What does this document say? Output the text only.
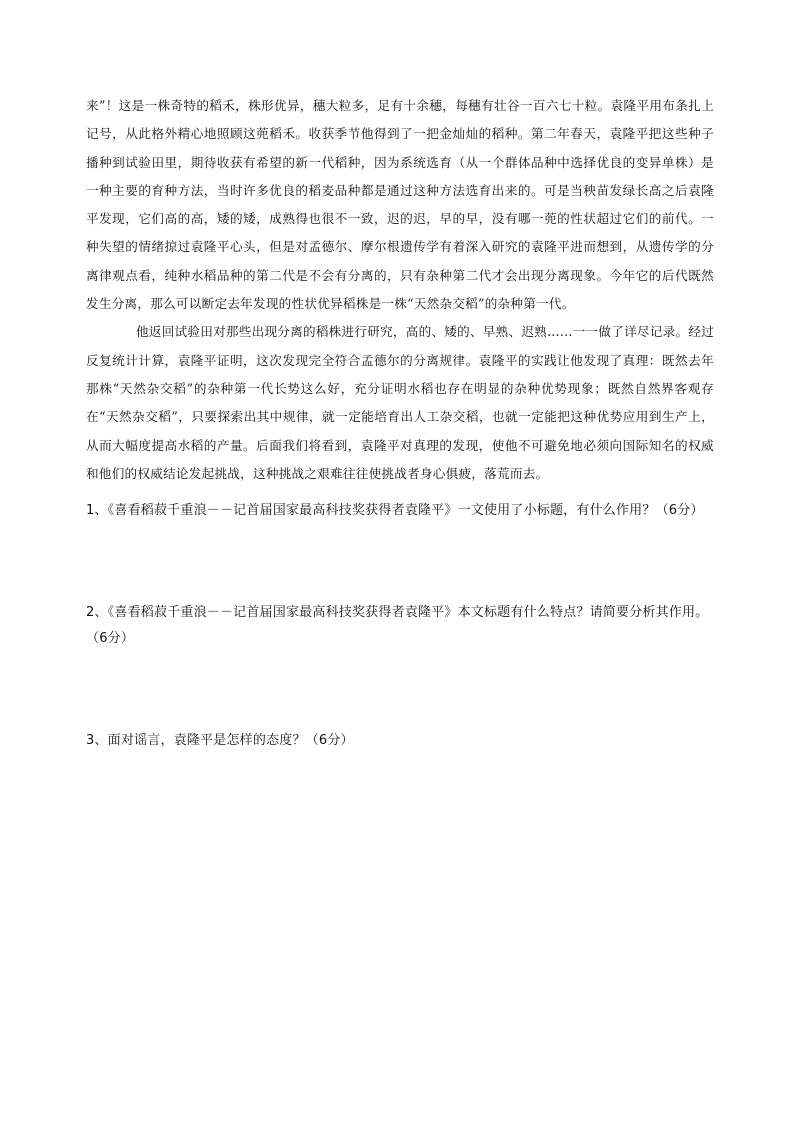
来”！这是一株奇特的稻禾，株形优异，穗大粒多，足有十余穗，每穗有壮谷一百六七十粒。袁隆平用布条扎上记号，从此格外精心地照顾这蔸稻禾。收获季节他得到了一把金灿灿的稻种。第二年春天，袁隆平把这些种子播种到试验田里，期待收获有希望的新一代稻种，因为系统选育（从一个群体品种中选择优良的变异单株）是一种主要的育种方法，当时许多优良的稻麦品种都是通过这种方法选育出来的。可是当秧苗发绿长高之后袁隆平发现，它们高的高，矮的矮，成熟得也很不一致，迟的迟，早的早，没有哪一蔸的性状超过它们的前代。一种失望的情绪掠过袁隆平心头，但是对孟德尔、摩尔根遗传学有着深入研究的袁隆平进而想到，从遗传学的分离律观点看，纯种水稻品种的第二代是不会有分离的，只有杂种第二代才会出现分离现象。今年它的后代既然发生分离，那么可以断定去年发现的性状优异稻株是一株“天然杂交稻”的杂种第一代。

他返回试验田对那些出现分离的稻株进行研究，高的、矮的、早熟、迟熟……一一做了详尽记录。经过反复统计计算，袁隆平证明，这次发现完全符合孟德尔的分离规律。袁隆平的实践让他发现了真理：既然去年那株“天然杂交稻”的杂种第一代长势这么好，充分证明水稻也存在明显的杂种优势现象；既然自然界客观存在“天然杂交稻”，只要探索出其中规律，就一定能培育出人工杂交稻，也就一定能把这种优势应用到生产上，从而大幅度提高水稻的产量。后面我们将看到，袁隆平对真理的发现，使他不可避免地必须向国际知名的权威和他们的权威结论发起挑战，这种挑战之艰难往往使挑战者身心俱疲，落荒而去。

1、《喜看稻菽千重浪－－记首届国家最高科技奖获得者袁隆平》一文使用了小标题，有什么作用？（6分）

2、《喜看稻菽千重浪－－记首届国家最高科技奖获得者袁隆平》本文标题有什么特点？请简要分析其作用。（6分）

3、面对谣言，袁隆平是怎样的态度？（6分）
